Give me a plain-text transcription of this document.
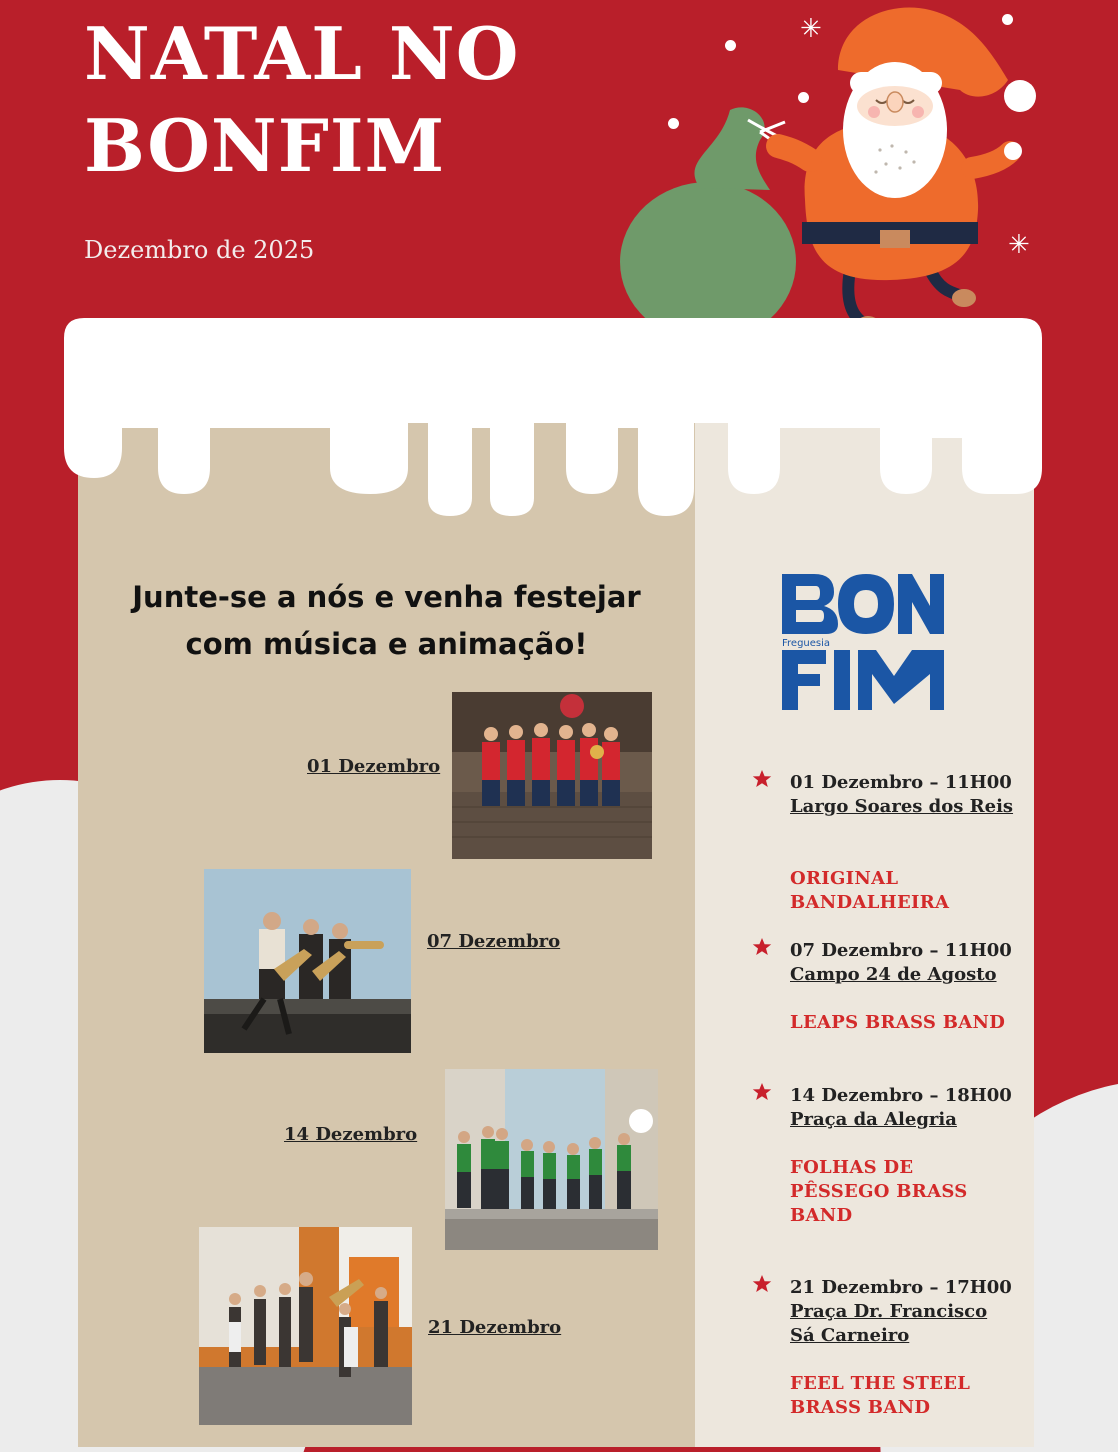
NATAL NO
BONFIM
Dezembro de 2025
✳
✳

Junte-se a nós e venha festejar
com música e animação!

01 Dezembro
07 Dezembro
14 Dezembro
21 Dezembro
Freguesia
01 Dezembro – 11H00
Largo Soares dos Reis
ORIGINAL BANDALHEIRA
07 Dezembro – 11H00
Campo 24 de Agosto
LEAPS BRASS BAND
14 Dezembro – 18H00
Praça da Alegria
FOLHAS DE PÊSSEGO BRASS BAND
21 Dezembro – 17H00
Praça Dr. Francisco Sá Carneiro
FEEL THE STEEL BRASS BAND
